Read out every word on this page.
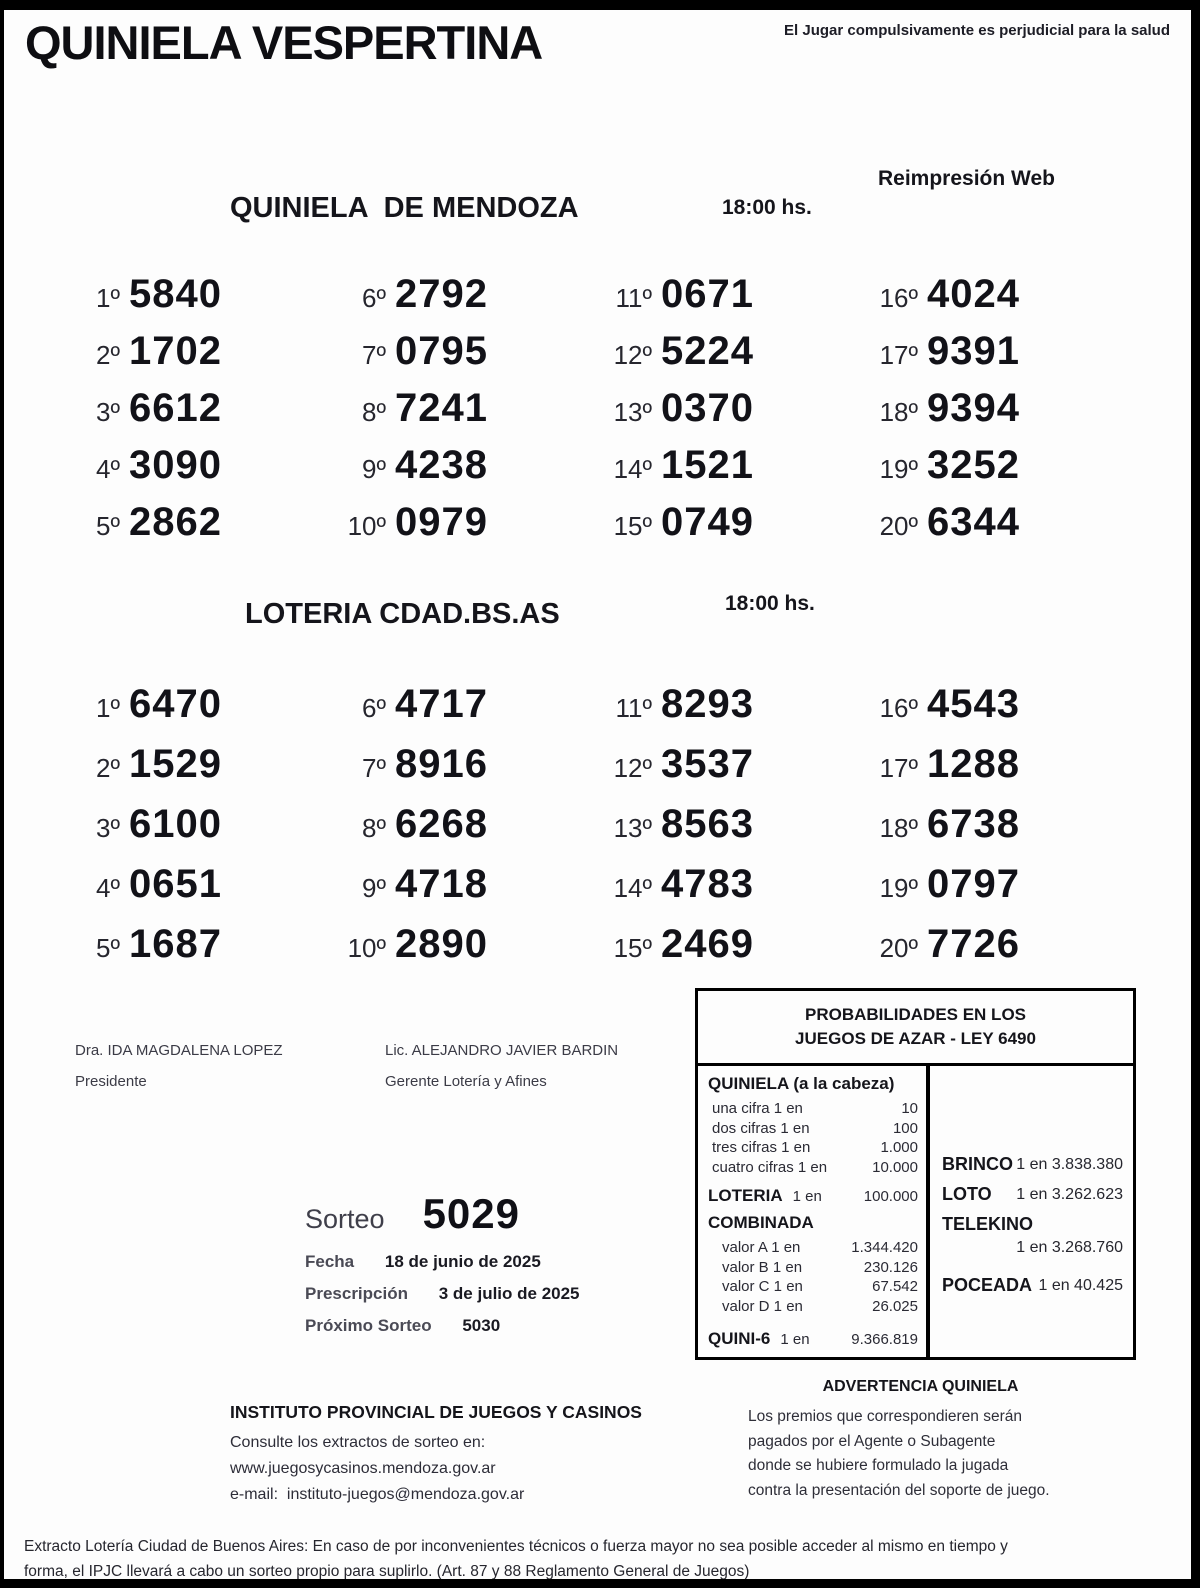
QUINIELA VESPERTINA	El Jugar compulsivamente es perjudicial para la salud
QUINIELA  DE MENDOZA	18:00 hs.
Reimpresión Web
1º 5840
2º 1702
3º 6612
4º 3090
5º 2862
6º 2792
7º 0795
8º 7241
9º 4238
10º 0979
11º 0671
12º 5224
13º 0370
14º 1521
15º 0749
16º 4024
17º 9391
18º 9394
19º 3252
20º 6344
LOTERIA CDAD.BS.AS	18:00 hs.
1º 6470
2º 1529
3º 6100
4º 0651
5º 1687
6º 4717
7º 8916
8º 6268
9º 4718
10º 2890
11º 8293
12º 3537
13º 8563
14º 4783
15º 2469
16º 4543
17º 1288
18º 6738
19º 0797
20º 7726
Dra. IDA MAGDALENA LOPEZ
Presidente
Lic. ALEJANDRO JAVIER BARDIN
Gerente Lotería y Afines
Sorteo 5029
Fecha 18 de junio de 2025
Prescripción 3 de julio de 2025
Próximo Sorteo 5030
PROBABILIDADES EN LOS
JUEGOS DE AZAR - LEY 6490
QUINIELA (a la cabeza)
una cifra 1 en	10
dos cifras 1 en	100
tres cifras 1 en	1.000
cuatro cifras 1 en	10.000
LOTERIA 1 en	100.000
COMBINADA
valor A 1 en	1.344.420
valor B 1 en	230.126
valor C 1 en	67.542
valor D 1 en	26.025
QUINI-6 1 en	9.366.819
BRINCO 1 en 3.838.380
LOTO	1 en 3.262.623
TELEKINO
1 en 3.268.760
POCEADA 1 en 40.425
ADVERTENCIA QUINIELA
Los premios que correspondieren serán
pagados por el Agente o Subagente
donde se hubiere formulado la jugada
contra la presentación del soporte de juego.
INSTITUTO PROVINCIAL DE JUEGOS Y CASINOS
Consulte los extractos de sorteo en:
www.juegosycasinos.mendoza.gov.ar
e-mail:  instituto-juegos@mendoza.gov.ar
Extracto Lotería Ciudad de Buenos Aires: En caso de por inconvenientes técnicos o fuerza mayor no sea posible acceder al mismo en tiempo y
forma, el IPJC llevará a cabo un sorteo propio para suplirlo. (Art. 87 y 88 Reglamento General de Juegos)
